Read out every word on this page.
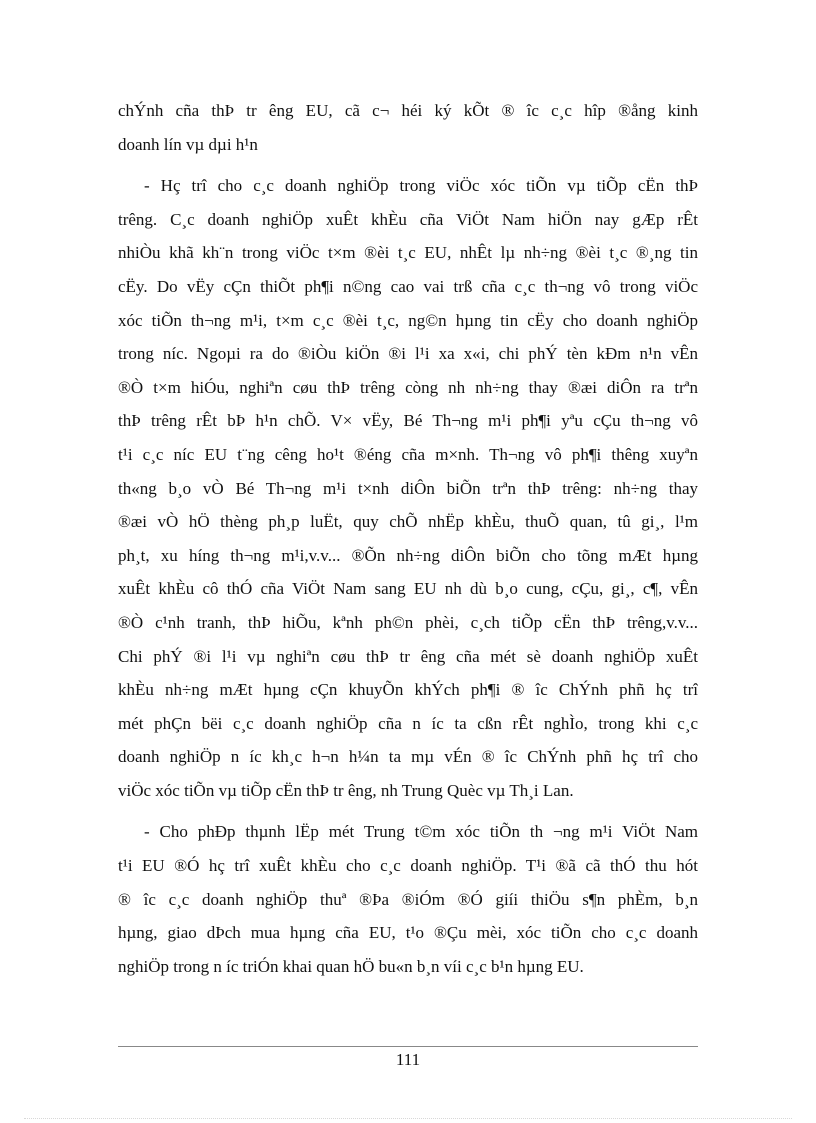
chÝnh cña thÞ tr êng EU, cã c¬ héi ký kÕt ® îc c¸c hîp ®ång kinh
doanh lín vµ dµi h¹n
- Hç trî cho c¸c doanh nghiÖp trong viÖc xóc tiÕn vµ tiÕp cËn thÞ
trêng. C¸c doanh nghiÖp xuÊt khÈu cña ViÖt Nam hiÖn nay gÆp rÊt
nhiÒu khã kh¨n trong viÖc t×m ®èi t¸c EU, nhÊt lµ nh÷ng ®èi t¸c ®¸ng tin
cËy. Do vËy cÇn thiÕt ph¶i n©ng cao vai trß cña c¸c th¬ng vô trong viÖc
xóc tiÕn th¬ng m¹i, t×m c¸c ®èi t¸c, ng©n hµng tin cËy cho doanh nghiÖp
trong níc. Ngoµi ra do ®iÒu kiÖn ®i l¹i xa x«i, chi phÝ tèn kÐm n¹n vÊn
®Ò t×m hiÓu, nghiªn cøu thÞ trêng còng nh nh÷ng thay ®æi diÔn ra trªn
thÞ trêng rÊt bÞ h¹n chÕ. V× vËy, Bé Th¬ng m¹i ph¶i yªu cÇu th¬ng vô
t¹i c¸c níc EU t¨ng cêng ho¹t ®éng cña m×nh. Th¬ng vô ph¶i thêng xuyªn
th«ng b¸o vÒ Bé Th¬ng m¹i t×nh diÔn biÕn trªn thÞ trêng: nh÷ng thay
®æi vÒ hÖ thèng ph¸p luËt, quy chÕ nhËp khÈu, thuÕ quan, tû gi¸, l¹m
ph¸t, xu híng th¬ng m¹i,v.v... ®Õn nh÷ng diÔn biÕn cho tõng mÆt hµng
xuÊt khÈu cô thÓ cña ViÖt Nam sang EU nh dù b¸o cung, cÇu, gi¸, c¶, vÊn
®Ò c¹nh tranh, thÞ hiÕu, kªnh ph©n phèi, c¸ch tiÕp cËn thÞ trêng,v.v...
Chi phÝ ®i l¹i vµ nghiªn cøu thÞ tr êng cña mét sè doanh nghiÖp xuÊt
khÈu nh÷ng mÆt hµng cÇn khuyÕn khÝch ph¶i ® îc ChÝnh phñ hç trî
mét phÇn bëi c¸c doanh nghiÖp cña n íc ta cßn rÊt nghÌo, trong khi c¸c
doanh nghiÖp n íc kh¸c h¬n h¼n ta mµ vÉn ® îc ChÝnh phñ hç trî cho
viÖc xóc tiÕn vµ tiÕp cËn thÞ tr êng, nh Trung Quèc vµ Th¸i Lan.
- Cho phÐp thµnh lËp mét Trung t©m xóc tiÕn th ¬ng m¹i ViÖt Nam
t¹i EU ®Ó hç trî xuÊt khÈu cho c¸c doanh nghiÖp. T¹i ®ã cã thÓ thu hót
® îc c¸c doanh nghiÖp thuª ®Þa ®iÓm ®Ó giíi thiÖu s¶n phÈm, b¸n
hµng, giao dÞch mua hµng cña EU, t¹o ®Çu mèi, xóc tiÕn cho c¸c doanh
nghiÖp trong n íc triÓn khai quan hÖ bu«n b¸n víi c¸c b¹n hµng EU.
111
